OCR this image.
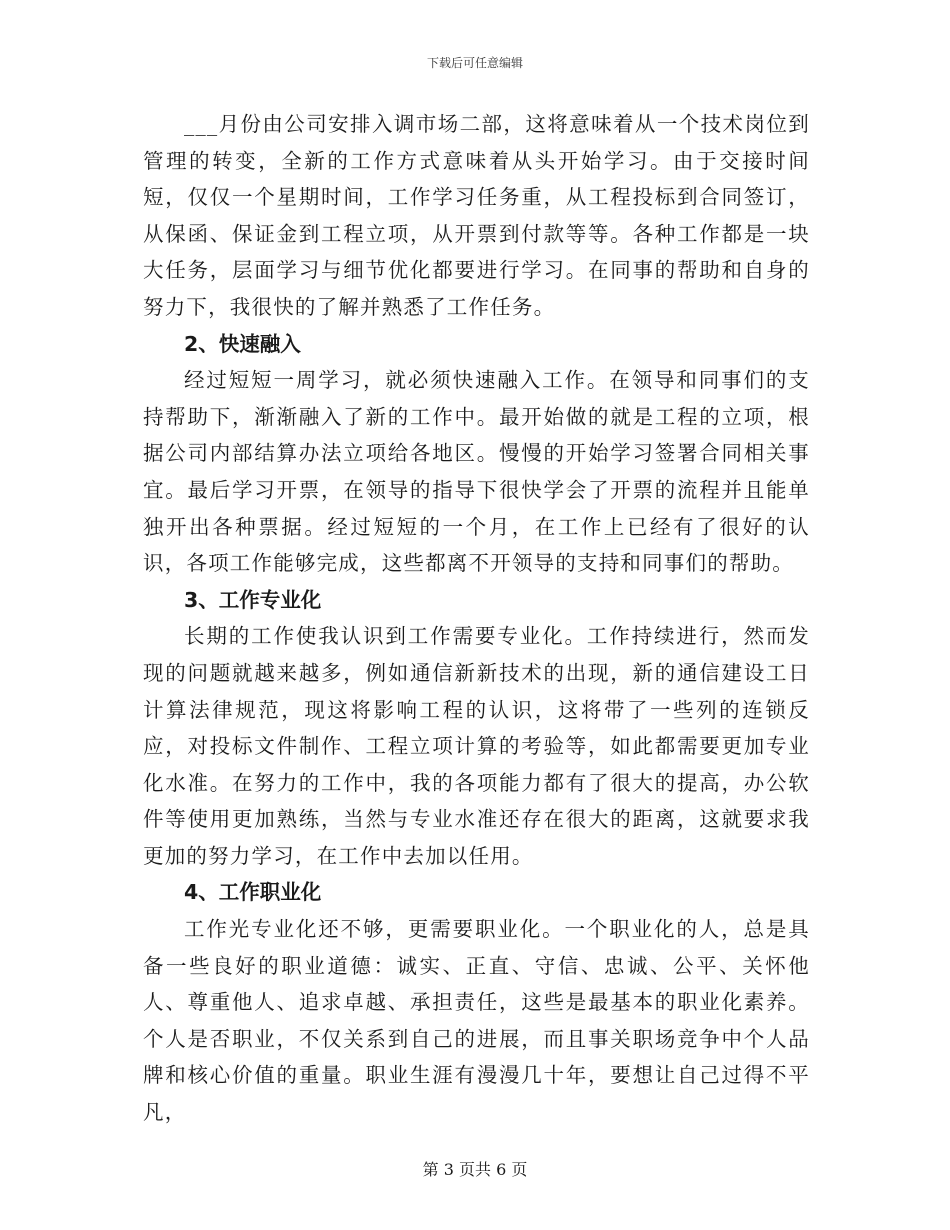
下载后可任意编辑

___月份由公司安排入调市场二部，这将意味着从一个技术岗位到管理的转变，全新的工作方式意味着从头开始学习。由于交接时间短，仅仅一个星期时间，工作学习任务重，从工程投标到合同签订，从保函、保证金到工程立项，从开票到付款等等。各种工作都是一块大任务，层面学习与细节优化都要进行学习。在同事的帮助和自身的努力下，我很快的了解并熟悉了工作任务。

2、快速融入

经过短短一周学习，就必须快速融入工作。在领导和同事们的支持帮助下，渐渐融入了新的工作中。最开始做的就是工程的立项，根据公司内部结算办法立项给各地区。慢慢的开始学习签署合同相关事宜。最后学习开票，在领导的指导下很快学会了开票的流程并且能单独开出各种票据。经过短短的一个月，在工作上已经有了很好的认识，各项工作能够完成，这些都离不开领导的支持和同事们的帮助。

3、工作专业化

长期的工作使我认识到工作需要专业化。工作持续进行，然而发现的问题就越来越多，例如通信新新技术的出现，新的通信建设工日计算法律规范，现这将影响工程的认识，这将带了一些列的连锁反应，对投标文件制作、工程立项计算的考验等，如此都需要更加专业化水准。在努力的工作中，我的各项能力都有了很大的提高，办公软件等使用更加熟练，当然与专业水准还存在很大的距离，这就要求我更加的努力学习，在工作中去加以任用。

4、工作职业化

工作光专业化还不够，更需要职业化。一个职业化的人，总是具备一些良好的职业道德：诚实、正直、守信、忠诚、公平、关怀他人、尊重他人、追求卓越、承担责任，这些是最基本的职业化素养。个人是否职业，不仅关系到自己的进展，而且事关职场竞争中个人品牌和核心价值的重量。职业生涯有漫漫几十年，要想让自己过得不平凡，

第 3 页共 6 页
